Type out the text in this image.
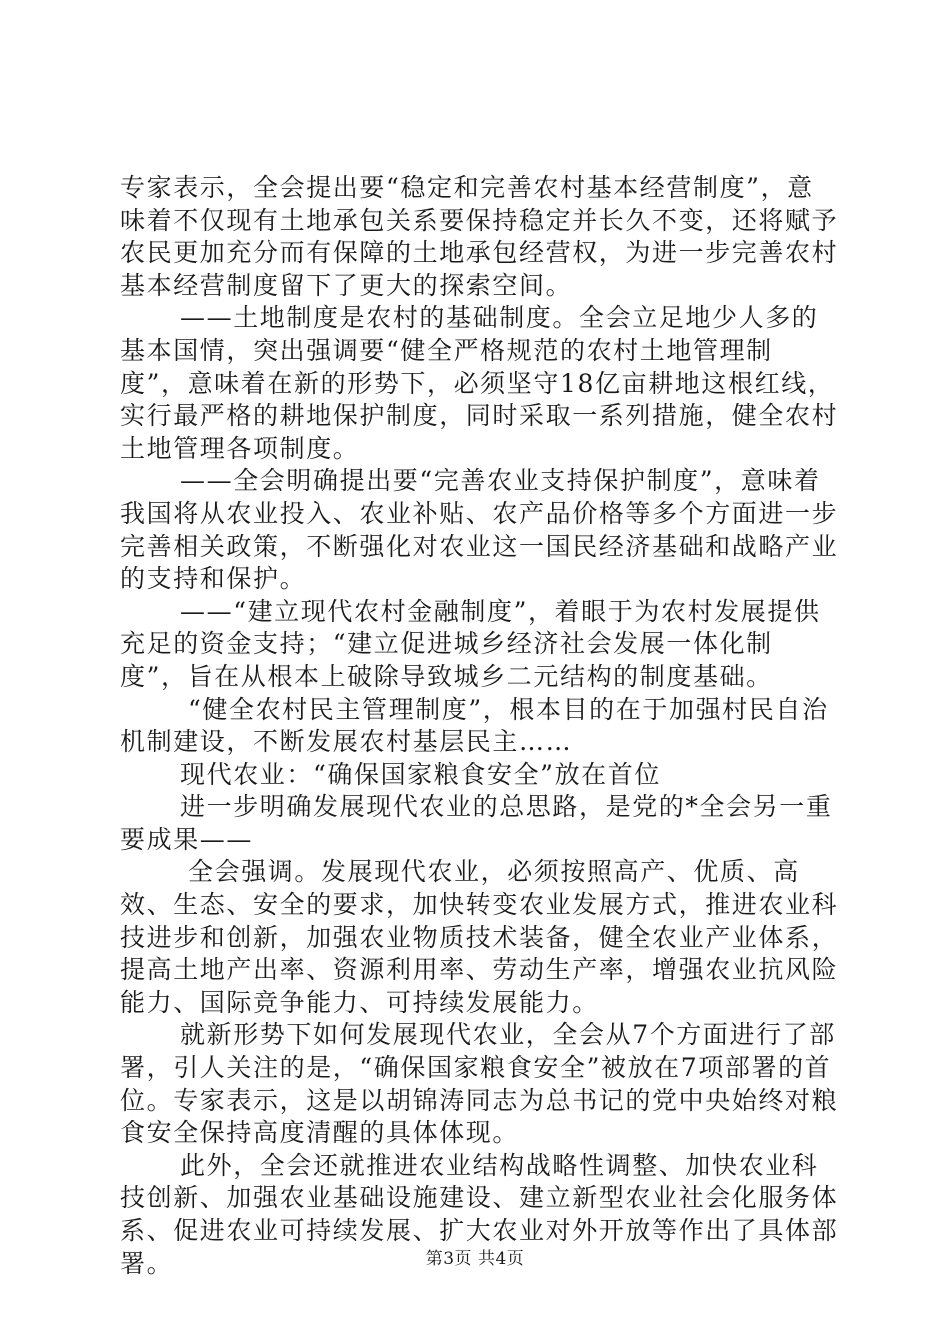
专家表示，全会提出要“稳定和完善农村基本经营制度”，意味着不仅现有土地承包关系要保持稳定并长久不变，还将赋予农民更加充分而有保障的土地承包经营权，为进一步完善农村基本经营制度留下了更大的探索空间。

——土地制度是农村的基础制度。全会立足地少人多的基本国情，突出强调要“健全严格规范的农村土地管理制度”，意味着在新的形势下，必须坚守18亿亩耕地这根红线，实行最严格的耕地保护制度，同时采取一系列措施，健全农村土地管理各项制度。

——全会明确提出要“完善农业支持保护制度”，意味着我国将从农业投入、农业补贴、农产品价格等多个方面进一步完善相关政策，不断强化对农业这一国民经济基础和战略产业的支持和保护。

——“建立现代农村金融制度”，着眼于为农村发展提供充足的资金支持；“建立促进城乡经济社会发展一体化制度”，旨在从根本上破除导致城乡二元结构的制度基础。

“健全农村民主管理制度”，根本目的在于加强村民自治机制建设，不断发展农村基层民主……

现代农业：“确保国家粮食安全”放在首位

进一步明确发展现代农业的总思路，是党的*全会另一重要成果——

全会强调。发展现代农业，必须按照高产、优质、高效、生态、安全的要求，加快转变农业发展方式，推进农业科技进步和创新，加强农业物质技术装备，健全农业产业体系，提高土地产出率、资源利用率、劳动生产率，增强农业抗风险能力、国际竞争能力、可持续发展能力。

就新形势下如何发展现代农业，全会从7个方面进行了部署，引人关注的是，“确保国家粮食安全”被放在7项部署的首位。专家表示，这是以胡锦涛同志为总书记的党中央始终对粮食安全保持高度清醒的具体体现。

此外，全会还就推进农业结构战略性调整、加快农业科技创新、加强农业基础设施建设、建立新型农业社会化服务体系、促进农业可持续发展、扩大农业对外开放等作出了具体部署。	第3页 共4页
